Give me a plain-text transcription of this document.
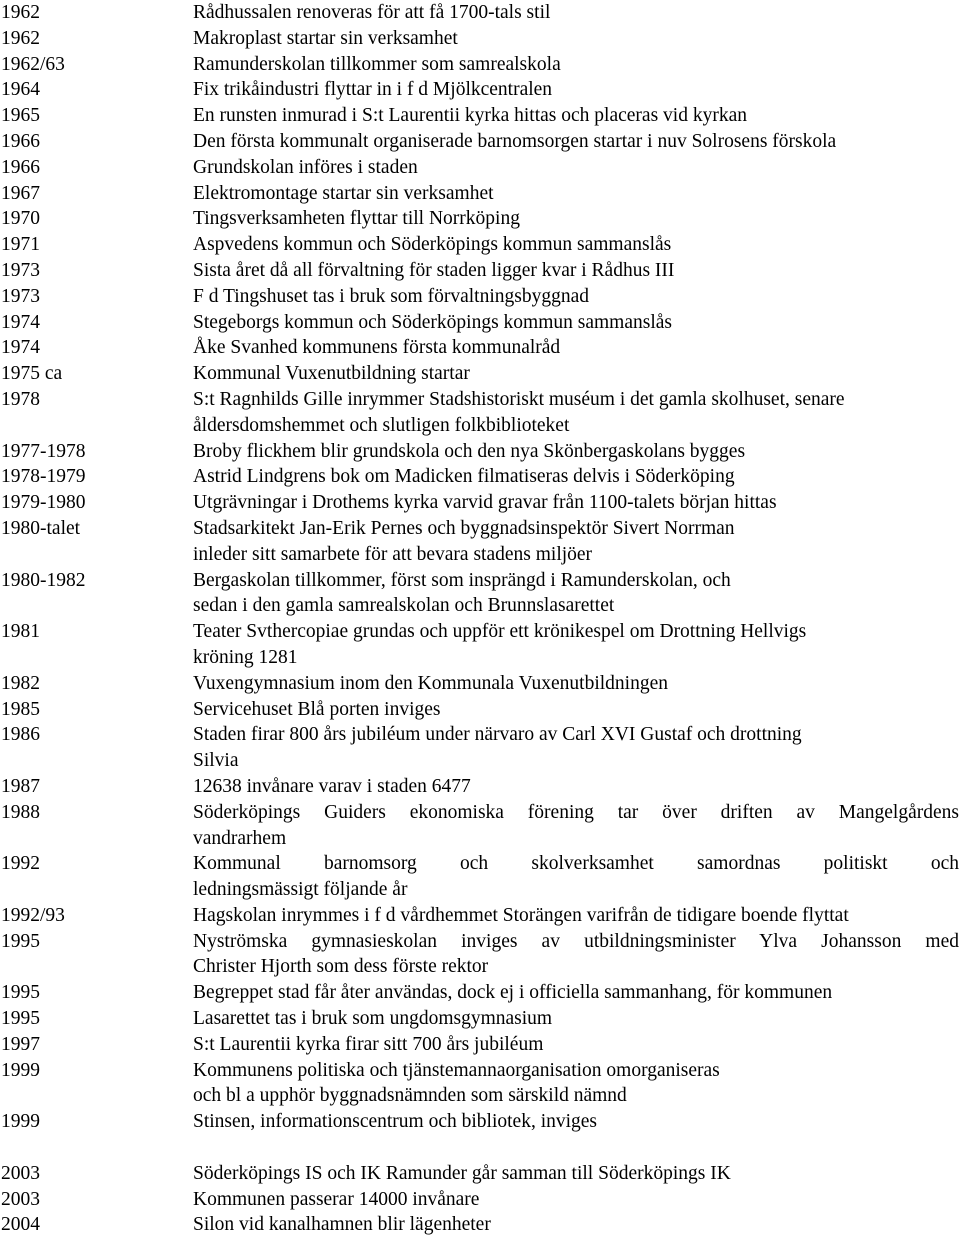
1962	Rådhussalen renoveras för att få 1700-tals stil
1962	Makroplast startar sin verksamhet
1962/63	Ramunderskolan tillkommer som samrealskola
1964	Fix trikåindustri flyttar in i f d Mjölkcentralen
1965	En runsten inmurad i S:t Laurentii kyrka hittas och placeras vid kyrkan
1966	Den första kommunalt organiserade barnomsorgen startar i nuv Solrosens förskola
1966	Grundskolan införes i staden
1967	Elektromontage startar sin verksamhet
1970	Tingsverksamheten flyttar till Norrköping
1971	Aspvedens kommun och Söderköpings kommun sammanslås
1973	Sista året då all förvaltning för staden ligger kvar i Rådhus III
1973	F d Tingshuset tas i bruk som förvaltningsbyggnad
1974	Stegeborgs kommun och Söderköpings kommun sammanslås
1974	Åke Svanhed kommunens första kommunalråd
1975 ca	Kommunal Vuxenutbildning startar
1978	S:t Ragnhilds Gille inrymmer Stadshistoriskt muséum i det gamla skolhuset, senare
åldersdomshemmet och slutligen folkbiblioteket
1977-1978	Broby flickhem blir grundskola och den nya Skönbergaskolans bygges
1978-1979	Astrid Lindgrens bok om Madicken filmatiseras delvis i Söderköping
1979-1980	Utgrävningar i Drothems kyrka varvid gravar från 1100-talets början hittas
1980-talet	Stadsarkitekt Jan-Erik Pernes och byggnadsinspektör Sivert Norrman
inleder sitt samarbete för att bevara stadens miljöer
1980-1982	Bergaskolan tillkommer, först som insprängd i Ramunderskolan, och
sedan i den gamla samrealskolan och Brunnslasarettet
1981	Teater Svthercopiae grundas och uppför ett krönikespel om Drottning Hellvigs
kröning 1281
1982	Vuxengymnasium inom den Kommunala Vuxenutbildningen
1985	Servicehuset Blå porten inviges
1986	Staden firar 800 års jubiléum under närvaro av Carl XVI Gustaf och drottning
Silvia
1987	12638 invånare varav i staden 6477
1988	Söderköpings Guiders ekonomiska förening tar över driften av Mangelgårdens
vandrarhem
1992	Kommunal barnomsorg och skolverksamhet samordnas politiskt och
ledningsmässigt följande år
1992/93	Hagskolan inrymmes i f d vårdhemmet Storängen varifrån de tidigare boende flyttat
1995	Nyströmska gymnasieskolan inviges av utbildningsminister Ylva Johansson med
Christer Hjorth som dess förste rektor
1995	Begreppet stad får åter användas, dock ej i officiella sammanhang, för kommunen
1995	Lasarettet tas i bruk som ungdomsgymnasium
1997	S:t Laurentii kyrka firar sitt 700 års jubiléum
1999	Kommunens politiska och tjänstemannaorganisation omorganiseras
och bl a upphör byggnadsnämnden som särskild nämnd
1999	Stinsen, informationscentrum och bibliotek, inviges
2003	Söderköpings IS och IK Ramunder går samman till Söderköpings IK
2003	Kommunen passerar 14000 invånare
2004	Silon vid kanalhamnen blir lägenheter
